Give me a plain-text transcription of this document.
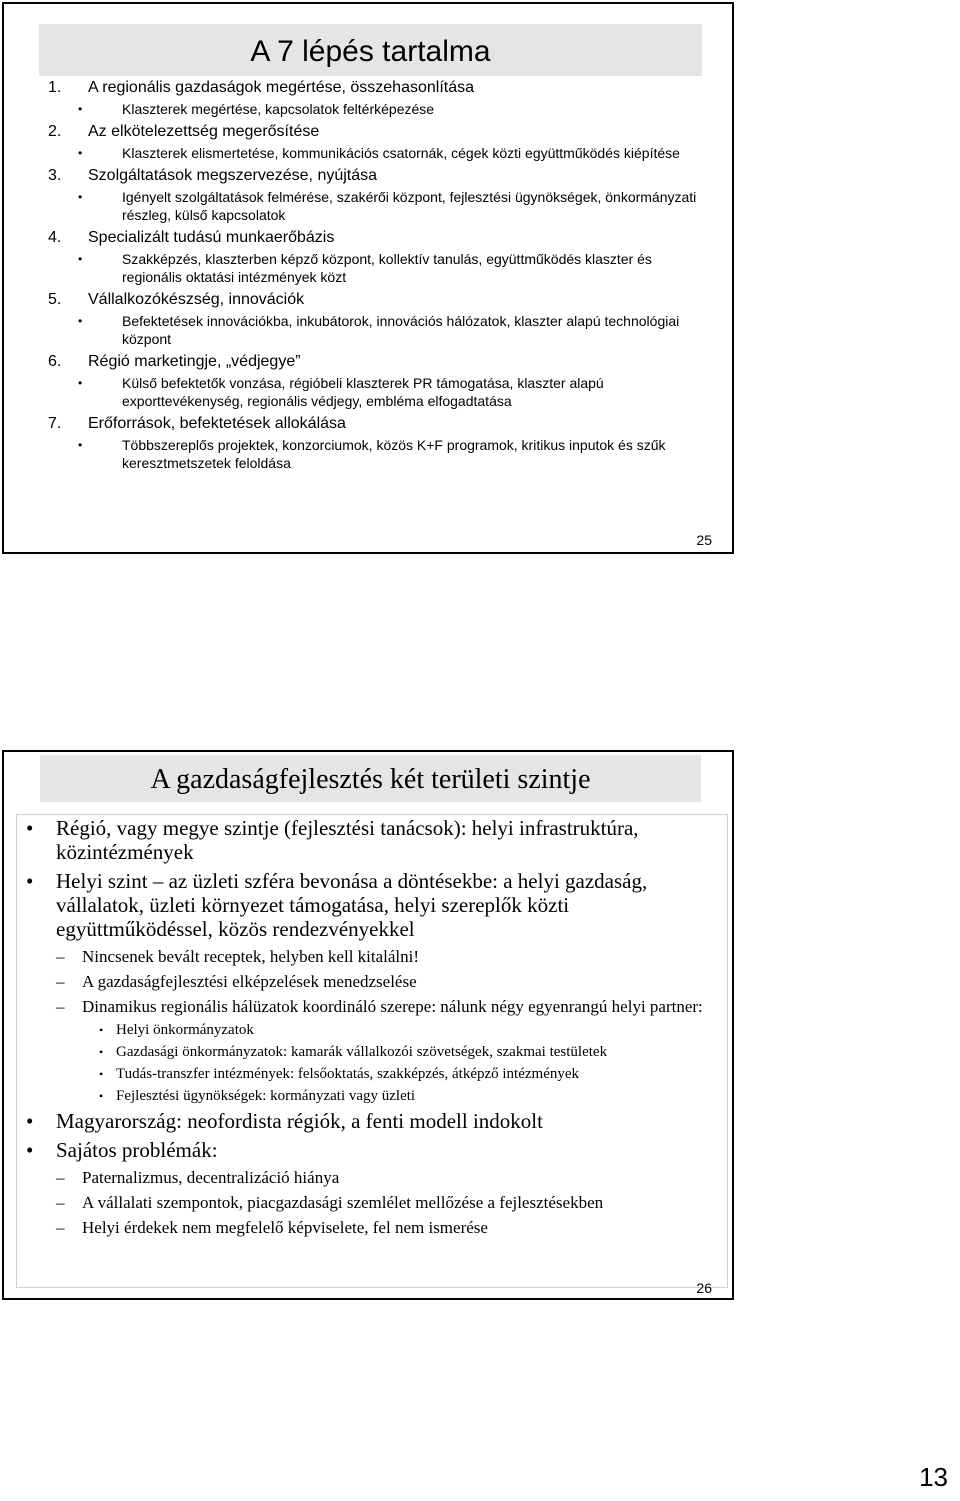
A 7 lépés tartalma
1.	A regionális gazdaságok megértése, összehasonlítása
•	Klaszterek megértése, kapcsolatok feltérképezése
2.	Az elkötelezettség megerősítése
•	Klaszterek elismertetése, kommunikációs csatornák, cégek közti együttműködés kiépítése
3.	Szolgáltatások megszervezése, nyújtása
•	Igényelt szolgáltatások felmérése, szakérői központ, fejlesztési ügynökségek, önkormányzati részleg, külső kapcsolatok
4.	Specializált tudású munkaerőbázis
•	Szakképzés, klaszterben képző központ, kollektív tanulás, együttműködés klaszter és regionális oktatási intézmények közt
5.	Vállalkozókészség, innovációk
•	Befektetések innovációkba, inkubátorok, innovációs hálózatok, klaszter alapú technológiai központ
6.	Régió marketingje, „védjegye”
•	Külső befektetők vonzása, régióbeli klaszterek PR támogatása, klaszter alapú exporttevékenység, regionális védjegy, embléma elfogadtatása
7.	Erőforrások, befektetések allokálása
•	Többszereplős projektek, konzorciumok, közös K+F programok, kritikus inputok és szűk keresztmetszetek feloldása
25
A gazdaságfejlesztés két területi szintje
•	Régió, vagy megye szintje (fejlesztési tanácsok): helyi infrastruktúra, közintézmények
•	Helyi szint – az üzleti szféra bevonása a döntésekbe: a helyi gazdaság, vállalatok, üzleti környezet támogatása, helyi szereplők közti együttműködéssel, közös rendezvényekkel
–	Nincsenek bevált receptek, helyben kell kitalálni!
–	A gazdaságfejlesztési elképzelések menedzselése
–	Dinamikus regionális hálüzatok koordináló szerepe: nálunk négy egyenrangú helyi partner:
• Helyi önkormányzatok
• Gazdasági önkormányzatok: kamarák vállalkozói szövetségek, szakmai testületek
• Tudás-transzfer intézmények: felsőoktatás, szakképzés, átképző intézmények
• Fejlesztési ügynökségek: kormányzati vagy üzleti
•	Magyarország: neofordista régiók, a fenti modell indokolt
•	Sajátos problémák:
–	Paternalizmus, decentralizáció hiánya
–	A vállalati szempontok, piacgazdasági szemlélet mellőzése a fejlesztésekben
–	Helyi érdekek nem megfelelő képviselete, fel nem ismerése
26
13
